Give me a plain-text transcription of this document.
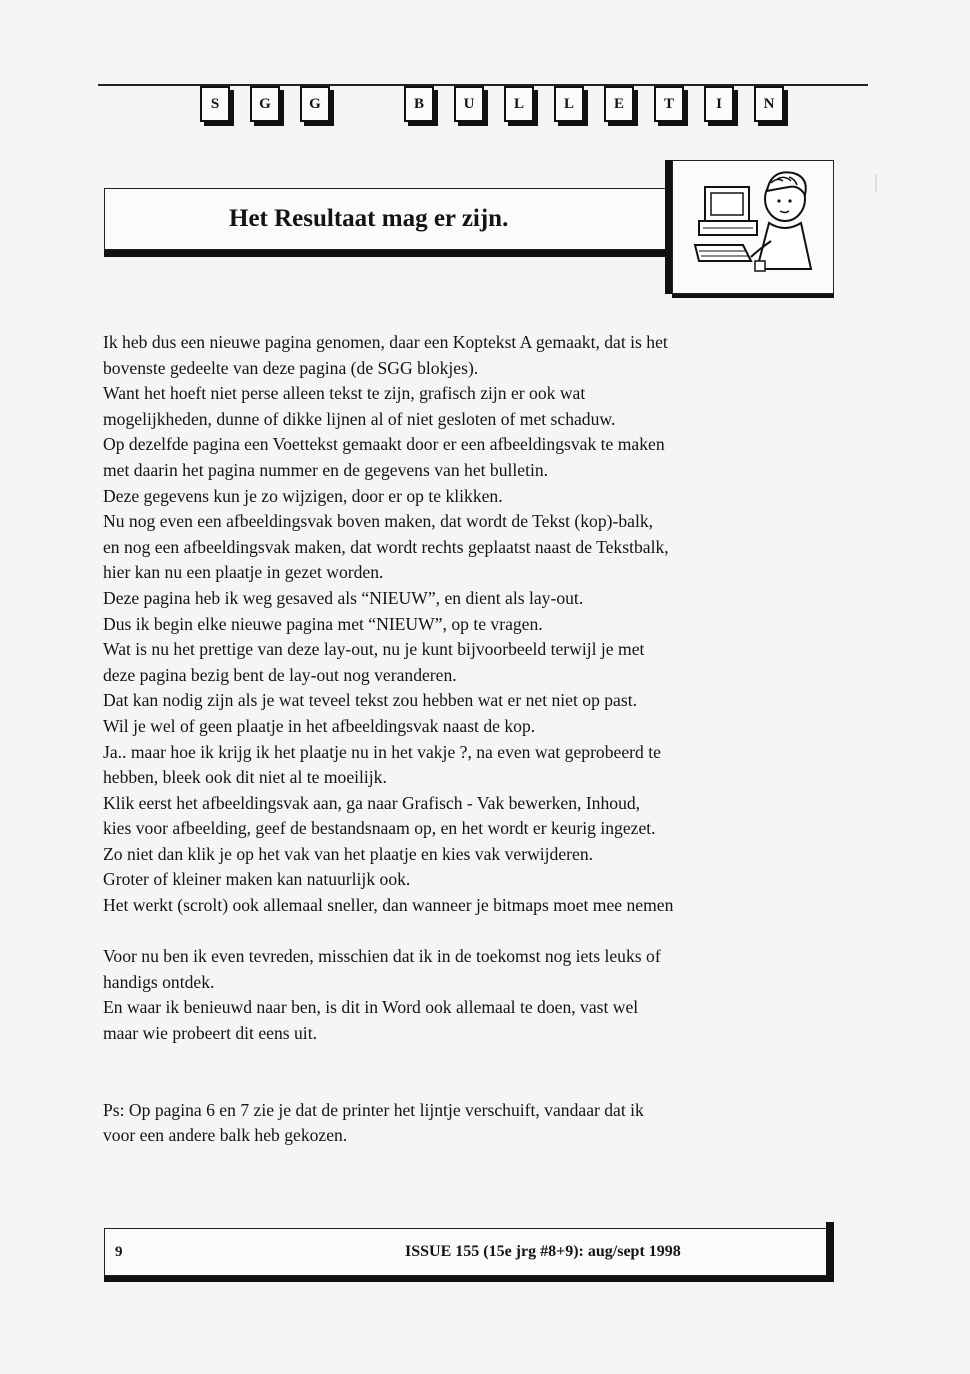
│
S	G	G	B	U	L	L	E	T	I	N
Het Resultaat mag er zijn.
Ik heb dus een nieuwe pagina genomen, daar een Koptekst A gemaakt, dat is het
bovenste gedeelte van deze pagina (de SGG blokjes).
Want het hoeft niet perse alleen tekst te zijn, grafisch zijn er ook wat
mogelijkheden, dunne of dikke lijnen al of niet gesloten of met schaduw.
Op dezelfde pagina een Voettekst gemaakt door er een afbeeldingsvak te maken
met daarin het pagina nummer en de gegevens van het bulletin.
Deze gegevens kun je zo wijzigen, door er op te klikken.
Nu nog even een afbeeldingsvak boven maken, dat wordt de Tekst (kop)-balk,
en nog een afbeeldingsvak maken, dat wordt rechts geplaatst naast de Tekstbalk,
hier kan nu een plaatje in gezet worden.
Deze pagina heb ik weg gesaved als “NIEUW”, en dient als lay-out.
Dus ik begin elke nieuwe pagina met “NIEUW”, op te vragen.
Wat is nu het prettige van deze lay-out, nu je kunt bijvoorbeeld terwijl je met
deze pagina bezig bent de lay-out nog veranderen.
Dat kan nodig zijn als je wat teveel tekst zou hebben wat er net niet op past.
Wil je wel of geen plaatje in het afbeeldingsvak naast de kop.
Ja.. maar hoe ik krijg ik het plaatje nu in het vakje ?, na even wat geprobeerd te
hebben, bleek ook dit niet al te moeilijk.
Klik eerst het afbeeldingsvak aan, ga naar Grafisch - Vak bewerken, Inhoud,
kies voor afbeelding, geef de bestandsnaam op, en het wordt er keurig ingezet.
Zo niet dan klik je op het vak van het plaatje en kies vak verwijderen.
Groter of kleiner maken kan natuurlijk ook.
Het werkt (scrolt) ook allemaal sneller, dan wanneer je bitmaps moet mee nemen
Voor nu ben ik even tevreden, misschien dat ik in de toekomst nog iets leuks of
handigs ontdek.
En waar ik benieuwd naar ben, is dit in Word ook allemaal te doen, vast wel
maar wie probeert dit eens uit.
Ps: Op pagina 6 en 7 zie je dat de printer het lijntje verschuift, vandaar dat ik
voor een andere balk heb gekozen.
9	ISSUE 155 (15e jrg #8+9): aug/sept 1998
